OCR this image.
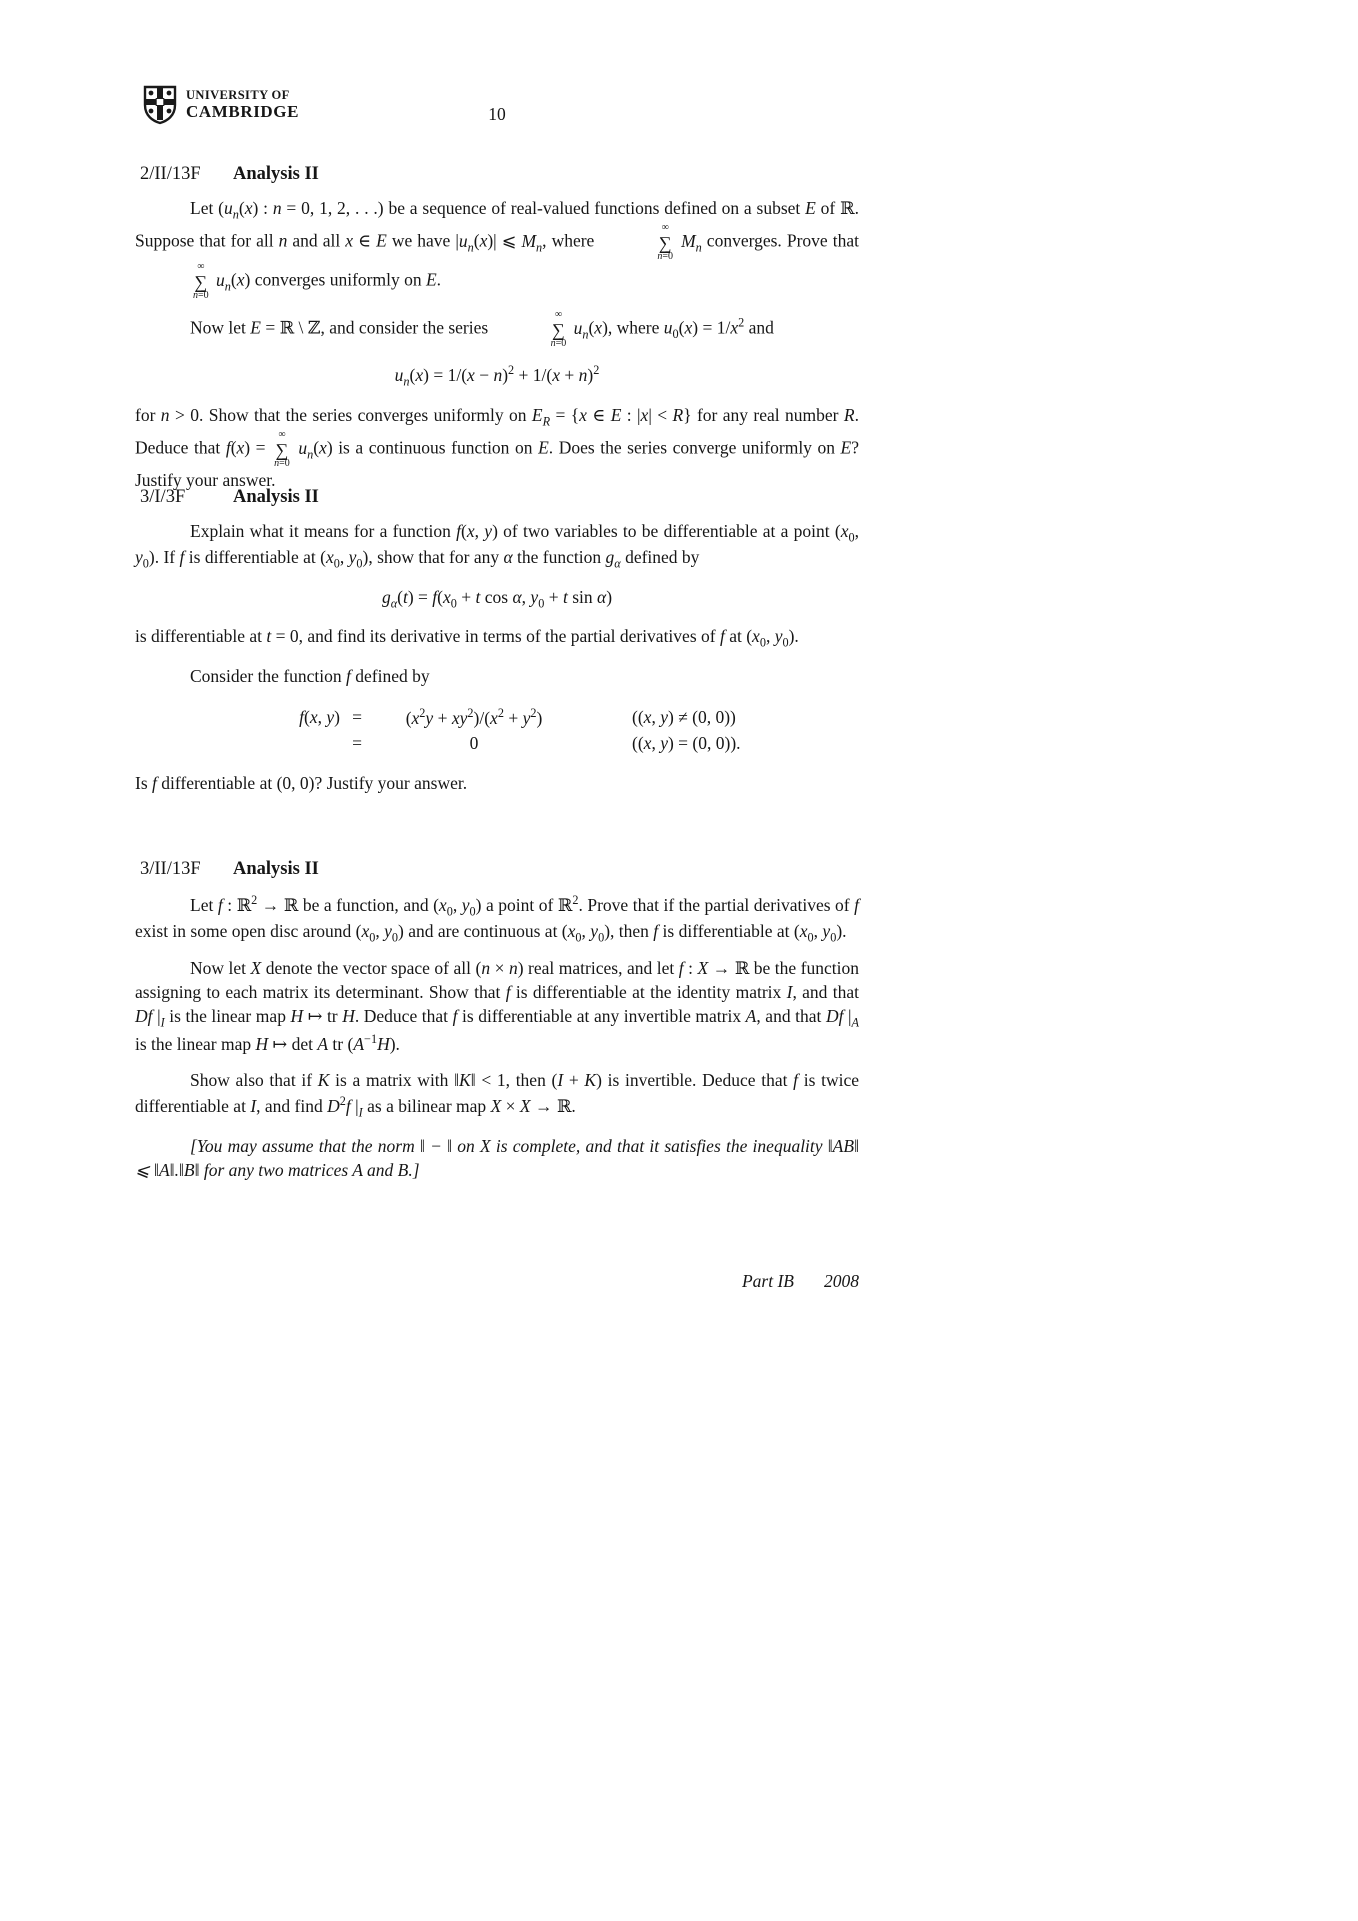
UNIVERSITY OF
CAMBRIDGE	10
2/II/13F Analysis II

Let ($u_n(x)$ : n = 0, 1, 2, . . .) be a sequence of real-valued functions defined on a subset E of ℝ. Suppose that for all n and all x ∈ E we have $|u_n(x)|$ ⩽ $M_n$, where
∞
∑
n=0
$M_n$ converges. Prove that
∞
∑
n=0
$u_n(x)$ converges uniformly on E.

Now let E = ℝ \ ℤ, and consider the series
∞
∑
n=0
$u_n(x)$, where $u_0(x) = 1/x^2$ and

$u_n(x) = 1/(x - n)^2 + 1/(x + n)^2$

for n > 0. Show that the series converges uniformly on $E_R = \{x$ ∈ E : |x| < R} for any real number R. Deduce that f(x) =
∞
∑
n=0
$u_n(x)$ is a continuous function on E. Does the series converge uniformly on E? Justify your answer.

3/I/3F	Analysis II

Explain what it means for a function f(x, y) of two variables to be differentiable at a point ($x_0$, $y_0$). If f is differentiable at ($x_0$, $y_0$), show that for any α the function $g_\alpha$ defined by

$g_\alpha(t) = f(x_0 + t$ cos α, $y_0 + t$ sin α)

is differentiable at t = 0, and find its derivative in terms of the partial derivatives of f at ($x_0$, $y_0$).

Consider the function f defined by

f(x, y) =	$(x^2y + xy^2)/(x^2 + y^2)$	((x, y) ≠ (0, 0))
=	0	((x, y) = (0, 0)).

Is f differentiable at (0, 0)? Justify your answer.

3/II/13F Analysis II

Let f : ℝ$^2$ → ℝ be a function, and ($x_0$, $y_0$) a point of ℝ$^2$. Prove that if the partial derivatives of f exist in some open disc around ($x_0$, $y_0$) and are continuous at ($x_0$, $y_0$), then f is differentiable at ($x_0$, $y_0$).

Now let X denote the vector space of all (n × n) real matrices, and let f : X → ℝ be the function assigning to each matrix its determinant. Show that f is differentiable at the identity matrix I, and that Df $|_I$ is the linear map H ↦ tr H. Deduce that f is differentiable at any invertible matrix A, and that Df $|_A$ is the linear map H ↦ det A tr $(A^{-1}H)$.

Show also that if K is a matrix with ‖K‖ < 1, then (I + K) is invertible. Deduce that f is twice differentiable at I, and find $D^2f$ $|_I$ as a bilinear map X × X → ℝ.

[You may assume that the norm ‖ − ‖ on X is complete, and that it satisfies the inequality ‖AB‖ ⩽ ‖A‖.‖B‖ for any two matrices A and B.]

Part IB 2008
